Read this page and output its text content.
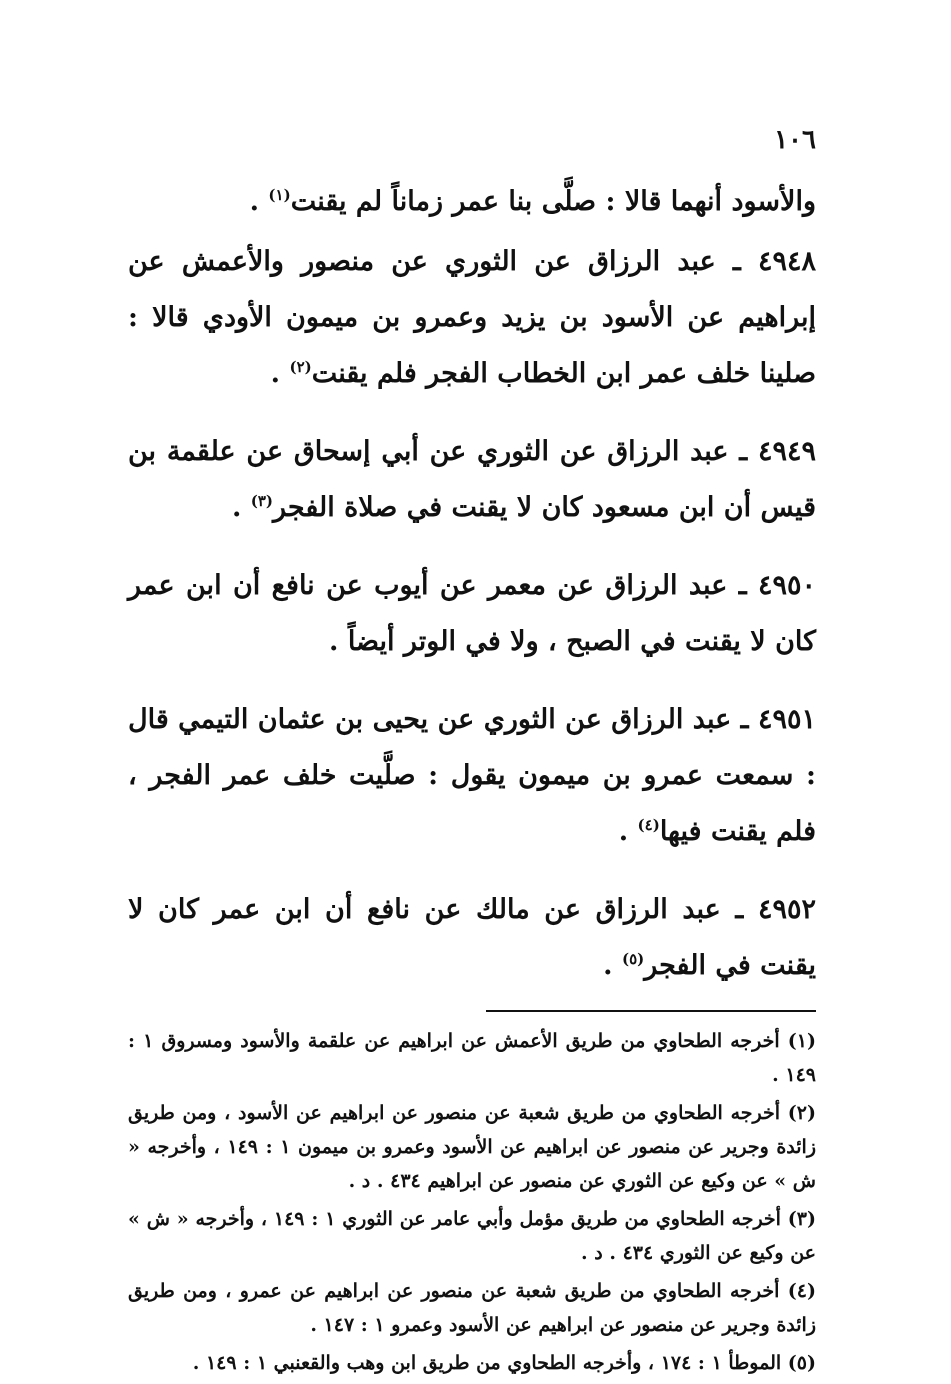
١٠٦

والأسود أنهما قالا : صلَّى بنا عمر زماناً لم يقنت$^{(١)}$ .

٤٩٤٨ ـ عبد الرزاق عن الثوري عن منصور والأعمش عن إبراهيم عن الأسود بن يزيد وعمرو بن ميمون الأودي قالا : صلينا خلف عمر ابن الخطاب الفجر فلم يقنت$^{(٢)}$ .

٤٩٤٩ ـ عبد الرزاق عن الثوري عن أبي إسحاق عن علقمة بن قيس أن ابن مسعود كان لا يقنت في صلاة الفجر$^{(٣)}$ .

٤٩٥٠ ـ عبد الرزاق عن معمر عن أيوب عن نافع أن ابن عمر كان لا يقنت في الصبح ، ولا في الوتر أيضاً .

٤٩٥١ ـ عبد الرزاق عن الثوري عن يحيى بن عثمان التيمي قال : سمعت عمرو بن ميمون يقول : صلَّيت خلف عمر الفجر ، فلم يقنت فيها$^{(٤)}$ .

٤٩٥٢ ـ عبد الرزاق عن مالك عن نافع أن ابن عمر كان لا يقنت في الفجر$^{(٥)}$ .

(١) أخرجه الطحاوي من طريق الأعمش عن ابراهيم عن علقمة والأسود ومسروق ١ : ١٤٩ .

(٢) أخرجه الطحاوي من طريق شعبة عن منصور عن ابراهيم عن الأسود ، ومن طريق زائدة وجرير عن منصور عن ابراهيم عن الأسود وعمرو بن ميمون ١ : ١٤٩ ، وأخرجه « ش » عن وكيع عن الثوري عن منصور عن ابراهيم ٤٣٤ . د .

(٣) أخرجه الطحاوي من طريق مؤمل وأبي عامر عن الثوري ١ : ١٤٩ ، وأخرجه « ش » عن وكيع عن الثوري ٤٣٤ . د .

(٤) أخرجه الطحاوي من طريق شعبة عن منصور عن ابراهيم عن عمرو ، ومن طريق زائدة وجرير عن منصور عن ابراهيم عن الأسود وعمرو ١ : ١٤٧ .

(٥) الموطأ ١ : ١٧٤ ، وأخرجه الطحاوي من طريق ابن وهب والقعنبي ١ : ١٤٩ .
